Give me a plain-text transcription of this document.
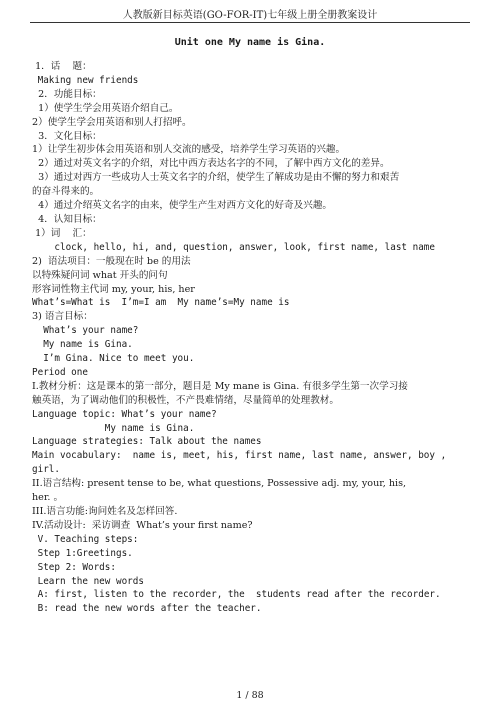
人教版新目标英语(GO-FOR-IT)七年级上册全册教案设计
Unit one My name is Gina.
1．话    题：
Making new friends
2．功能目标：
1）使学生学会用英语介绍自己。
2）使学生学会用英语和别人打招呼。
3．文化目标：
1）让学生初步体会用英语和别人交流的感受，培养学生学习英语的兴趣。
2）通过对英文名字的介绍，对比中西方表达名字的不同，了解中西方文化的差异。
3）通过对西方一些成功人士英文名字的介绍，使学生了解成功是由不懈的努力和艰苦
的奋斗得来的。
4）通过介绍英文名字的由来，使学生产生对西方文化的好奇及兴趣。
4．认知目标：
1）词    汇：
clock, hello, hi, and, question, answer, look, first name, last name
2)  语法项目：一般现在时 be 的用法
以特殊疑问词 what 开头的问句
形容词性物主代词 my, your, his, her
What’s=What is  I’m=I am  My name’s=My name is
3) 语言目标：
What’s your name?
My name is Gina.
I’m Gina. Nice to meet you.
Period one
I.教材分析：这是课本的第一部分，题目是 My mane is Gina. 有很多学生第一次学习接
触英语，为了调动他们的积极性，不产畏难情绪，尽量简单的处理教材。
Language topic: What’s your name?
My name is Gina.
Language strategies: Talk about the names
Main vocabulary:  name is, meet, his, first name, last name, answer, boy , girl.
II.语言结构: present tense to be, what questions, Possessive adj. my, your, his,
her. 。
III.语言功能:询问姓名及怎样回答.
IV.活动设计:  采访调查  What’s your first name?
V. Teaching steps:
Step 1:Greetings.
Step 2: Words:
Learn the new words
A: first, listen to the recorder, the  students read after the recorder.
B: read the new words after the teacher.
1 / 88
